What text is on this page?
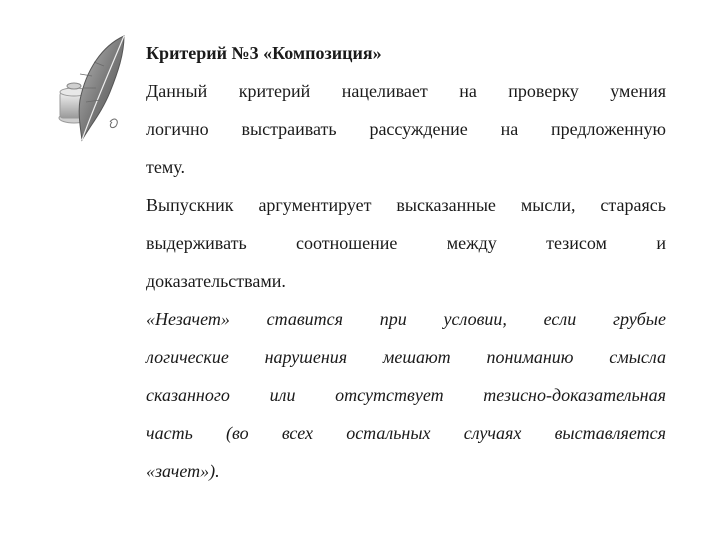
Критерий №3 «Композиция»
Данный критерий нацеливает на проверку умения
логично выстраивать рассуждение на предложенную
тему.
Выпускник аргументирует высказанные мысли, стараясь
выдерживать	соотношение	между	тезисом	и
доказательствами.
«Незачет» ставится при условии, если грубые
логические нарушения мешают пониманию смысла
сказанного или отсутствует тезисно-доказательная
часть (во всех остальных случаях выставляется
«зачет»).
